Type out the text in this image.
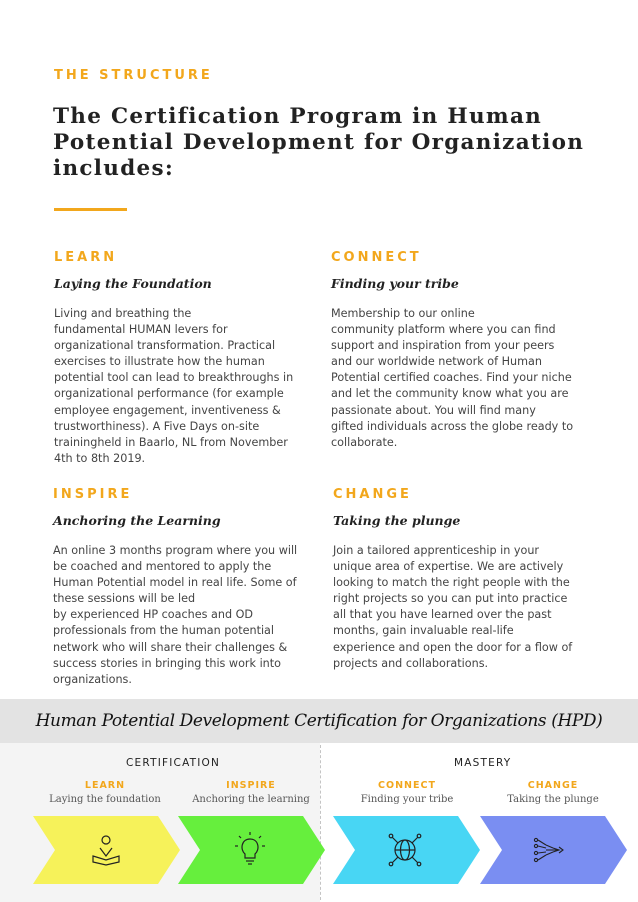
THE STRUCTURE
The Certification Program in Human
Potential Development for Organization
includes:
LEARN
Laying the Foundation
Living and breathing the
fundamental HUMAN levers for
organizational transformation. Practical
exercises to illustrate how the human
potential tool can lead to breakthroughs in
organizational performance (for example
employee engagement, inventiveness &
trustworthiness). A Five Days on-site
trainingheld in Baarlo, NL from November
4th to 8th 2019.
CONNECT
Finding your tribe
Membership to our online
community platform where you can find
support and inspiration from your peers
and our worldwide network of Human
Potential certified coaches. Find your niche
and let the community know what you are
passionate about. You will find many
gifted individuals across the globe ready to
collaborate.
INSPIRE
Anchoring the Learning
An online 3 months program where you will
be coached and mentored to apply the
Human Potential model in real life. Some of
these sessions will be led
by experienced HP coaches and OD
professionals from the human potential
network who will share their challenges &
success stories in bringing this work into
organizations.
CHANGE
Taking the plunge
Join a tailored apprenticeship in your
unique area of expertise. We are actively
looking to match the right people with the
right projects so you can put into practice
all that you have learned over the past
months, gain invaluable real-life
experience and open the door for a flow of
projects and collaborations.
Human Potential Development Certification for Organizations (HPD)
CERTIFICATION	MASTERY
LEARN
Laying the foundation
INSPIRE
Anchoring the learning
CONNECT
Finding your tribe
CHANGE
Taking the plunge
